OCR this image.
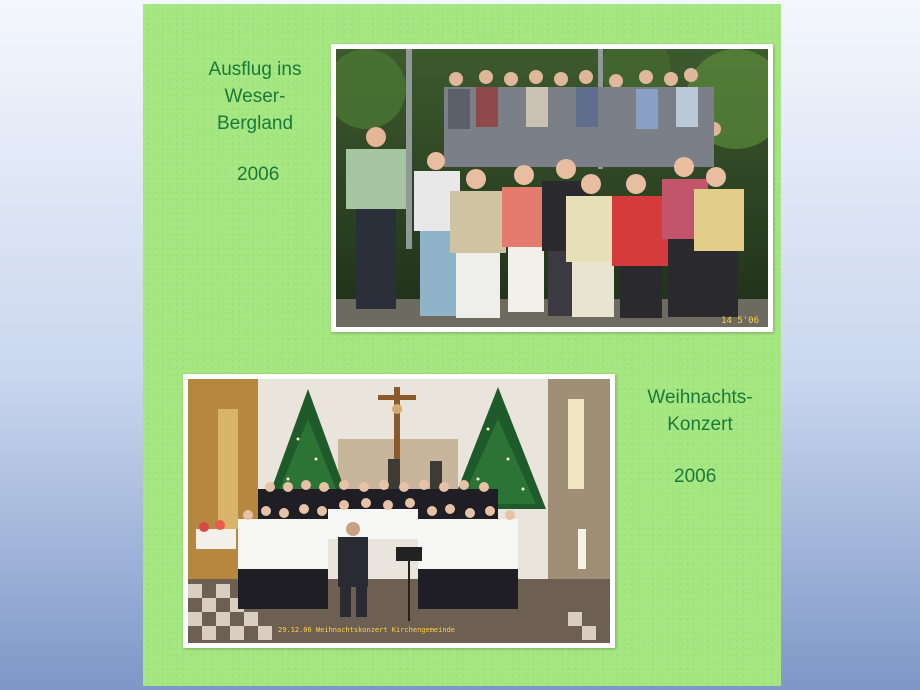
Ausflug ins
Weser-
Bergland
2006
14 5'06
Weihnachts-
Konzert
2006
29.12.06 Weihnachtskonzert Kirchengemeinde
